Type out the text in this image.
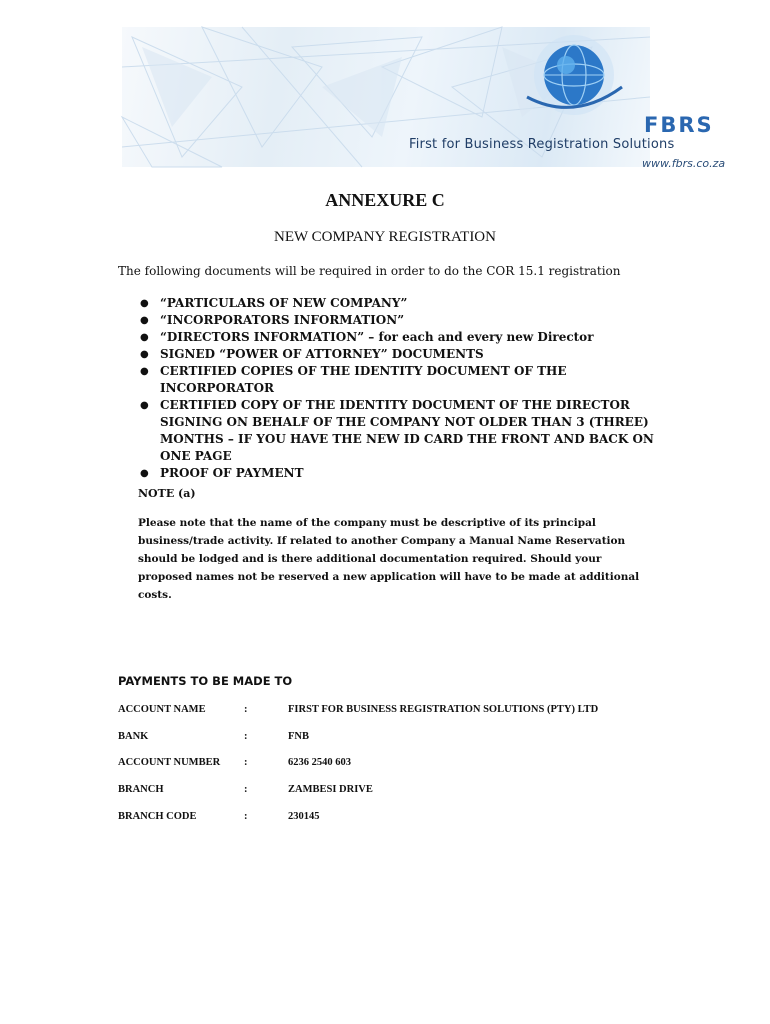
FBRS
First for Business Registration Solutions
www.fbrs.co.za
ANNEXURE C
NEW COMPANY REGISTRATION
The following documents will be required in order to do the COR 15.1 registration
● “PARTICULARS OF NEW COMPANY”
● “INCORPORATORS INFORMATION”
● “DIRECTORS INFORMATION” – for each and every new Director
● SIGNED “POWER OF ATTORNEY” DOCUMENTS
● CERTIFIED COPIES OF THE IDENTITY DOCUMENT OF THE INCORPORATOR
● CERTIFIED COPY OF THE IDENTITY DOCUMENT OF THE DIRECTOR SIGNING ON BEHALF OF THE COMPANY NOT OLDER THAN 3 (THREE) MONTHS – IF YOU HAVE THE NEW ID CARD THE FRONT AND BACK ON ONE PAGE
● PROOF OF PAYMENT
NOTE (a)
Please note that the name of the company must be descriptive of its principal business/trade activity. If related to another Company a Manual Name Reservation should be lodged and is there additional documentation required. Should your proposed names not be reserved a new application will have to be made at additional costs.
PAYMENTS TO BE MADE TO
ACCOUNT NAME	:	FIRST FOR BUSINESS REGISTRATION SOLUTIONS (PTY) LTD
BANK	:	FNB
ACCOUNT NUMBER :	6236 2540 603
BRANCH	:	ZAMBESI DRIVE
BRANCH CODE	:	230145
